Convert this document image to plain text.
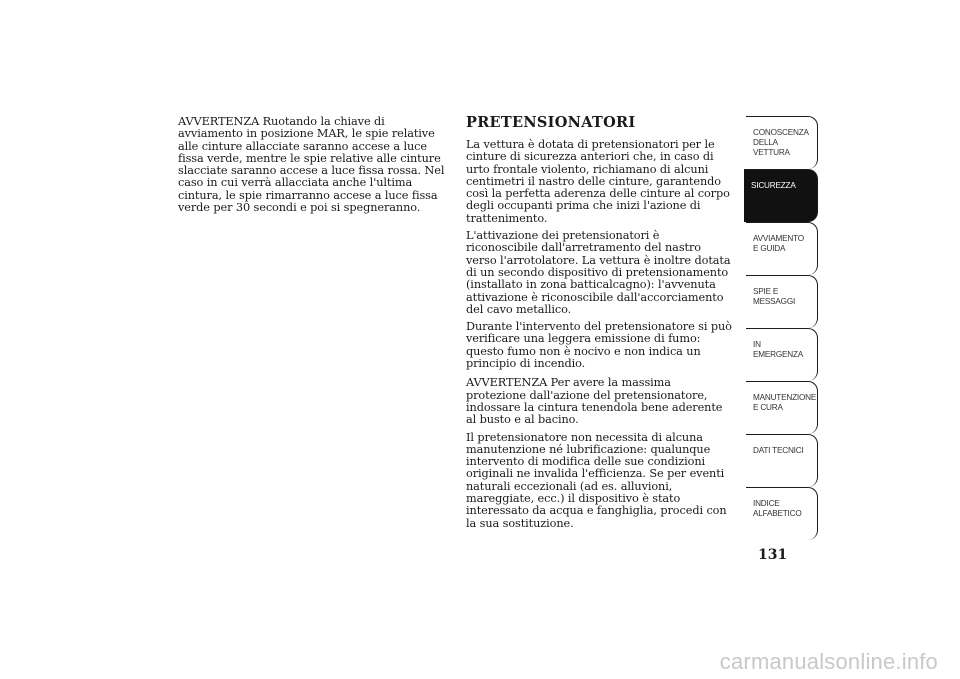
AVVERTENZA Ruotando la chiave di avviamento in posizione MAR, le spie relative alle cinture allacciate saranno accese a luce fissa verde, mentre le spie relative alle cinture slacciate saranno accese a luce fissa rossa. Nel caso in cui verrà allacciata anche l'ultima cintura, le spie rimarranno accese a luce fissa verde per 30 secondi e poi si spegneranno.

PRETENSIONATORI

La vettura è dotata di pretensionatori per le cinture di sicurezza anteriori che, in caso di urto frontale violento, richiamano di alcuni centimetri il nastro delle cinture, garantendo così la perfetta aderenza delle cinture al corpo degli occupanti prima che inizi l'azione di trattenimento.

L'attivazione dei pretensionatori è riconoscibile dall'arretramento del nastro verso l'arrotolatore. La vettura è inoltre dotata di un secondo dispositivo di pretensionamento (installato in zona batticalcagno): l'avvenuta attivazione è riconoscibile dall'accorciamento del cavo metallico.

Durante l'intervento del pretensionatore si può verificare una leggera emissione di fumo: questo fumo non è nocivo e non indica un principio di incendio.

AVVERTENZA Per avere la massima protezione dall'azione del pretensionatore, indossare la cintura tenendola bene aderente al busto e al bacino.

Il pretensionatore non necessita di alcuna manutenzione né lubrificazione: qualunque intervento di modifica delle sue condizioni originali ne invalida l'efficienza. Se per eventi naturali eccezionali (ad es. alluvioni, mareggiate, ecc.) il dispositivo è stato interessato da acqua e fanghiglia, procedi con la sua sostituzione.

CONOSCENZA DELLA VETTURA
SICUREZZA
AVVIAMENTO E GUIDA
SPIE E MESSAGGI
IN EMERGENZA
MANUTENZIONE E CURA
DATI TECNICI
INDICE ALFABETICO
131
carmanualsonline.info
